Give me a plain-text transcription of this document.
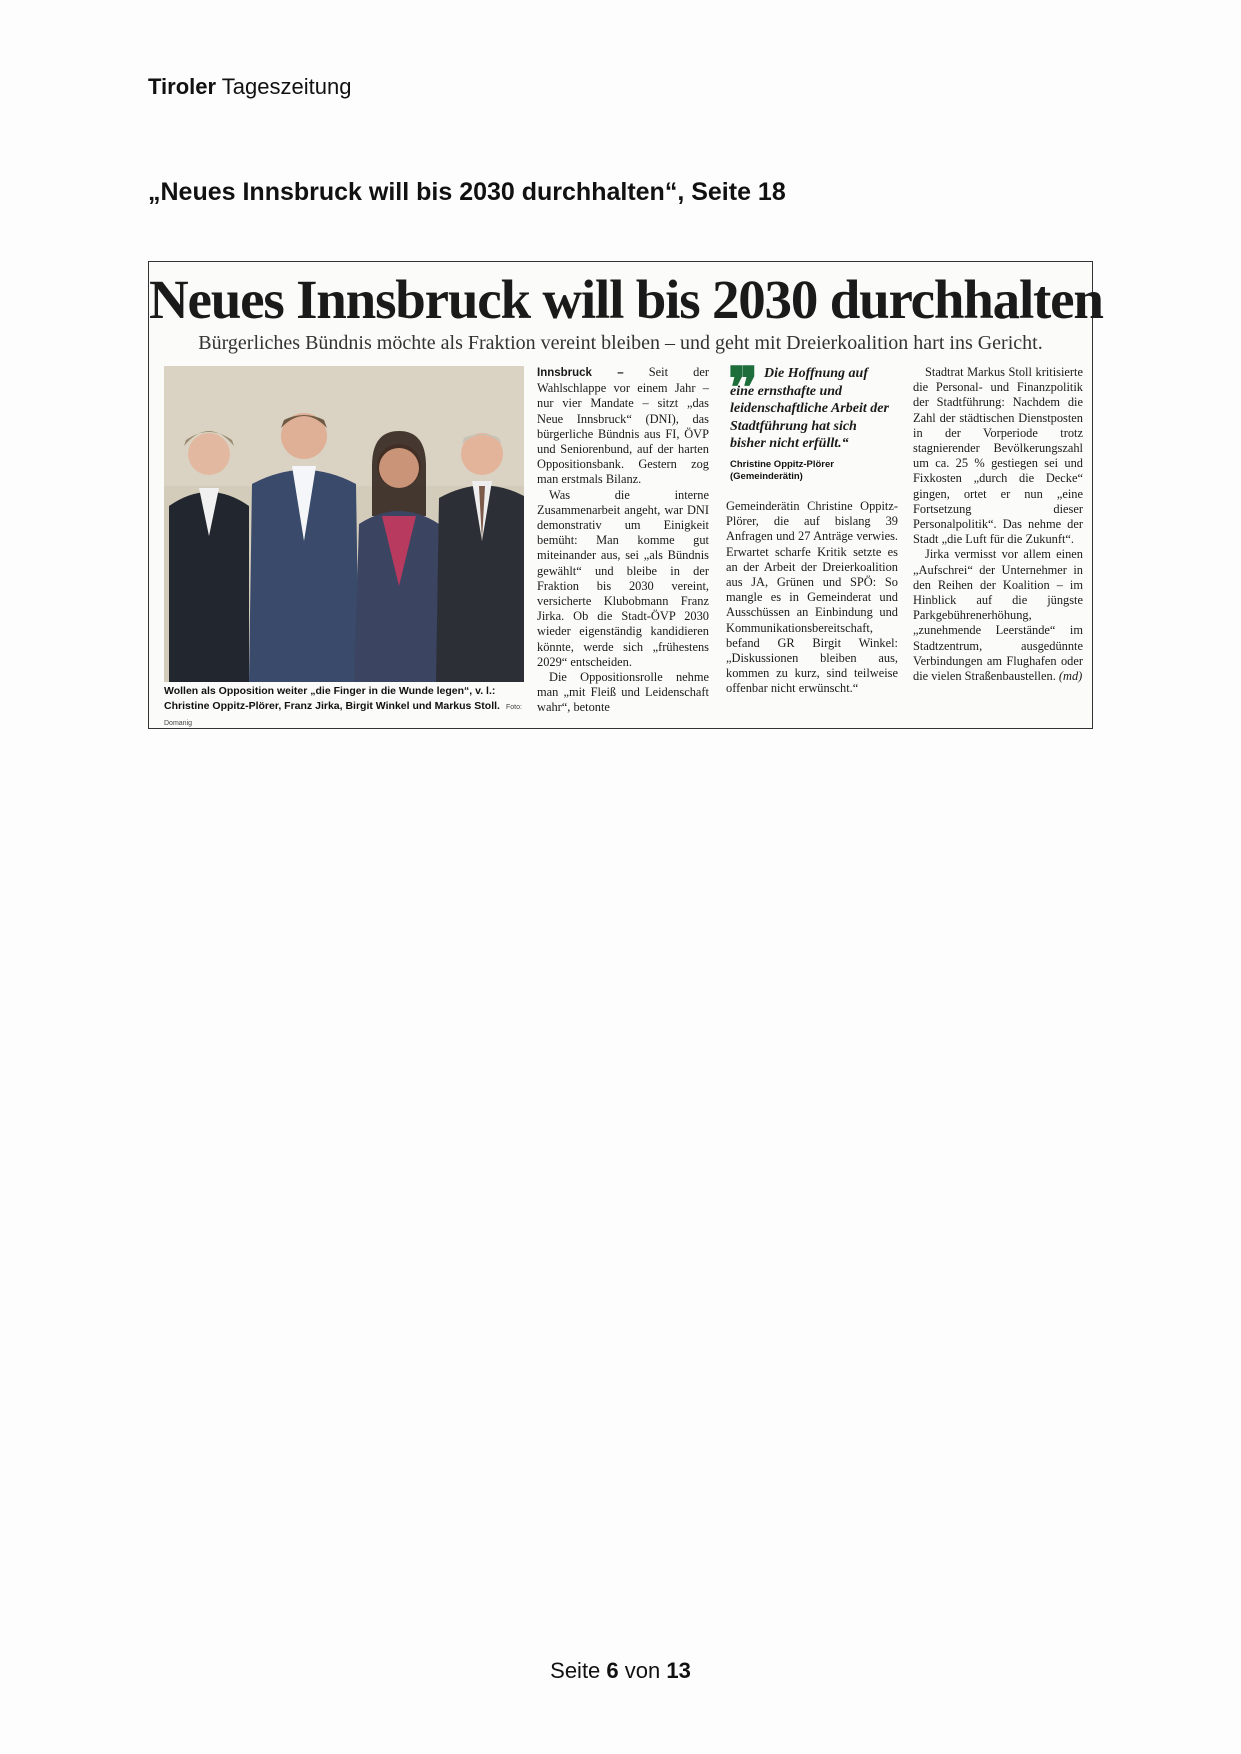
Tiroler Tageszeitung
„Neues Innsbruck will bis 2030 durchhalten“, Seite 18
Neues Innsbruck will bis 2030 durchhalten
Bürgerliches Bündnis möchte als Fraktion vereint bleiben – und geht mit Dreierkoalition hart ins Gericht.
Wollen als Opposition weiter „die Finger in die Wunde legen“, v. l.: Christine Oppitz-Plörer, Franz Jirka, Birgit Winkel und Markus Stoll. Foto: Domanig

Innsbruck – Seit der Wahlschlappe vor einem Jahr – nur vier Mandate – sitzt „das Neue Innsbruck“ (DNI), das bürgerliche Bündnis aus FI, ÖVP und Seniorenbund, auf der harten Oppositionsbank. Gestern zog man erstmals Bilanz.

Was die interne Zusammenarbeit angeht, war DNI demonstrativ um Einigkeit bemüht: Man komme gut miteinander aus, sei „als Bündnis gewählt“ und bleibe in der Fraktion bis 2030 vereint, versicherte Klubobmann Franz Jirka. Ob die Stadt-ÖVP 2030 wieder eigenständig kandidieren könnte, werde sich „frühestens 2029“ entscheiden.

Die Oppositionsrolle nehme man „mit Fleiß und Leidenschaft wahr“, betonte

❞ Die Hoffnung auf eine ernsthafte und leidenschaftliche Arbeit der Stadtführung hat sich bisher nicht erfüllt.“
Christine Oppitz-Plörer
(Gemeinderätin)

Gemeinderätin Christine Oppitz-Plörer, die auf bislang 39 Anfragen und 27 Anträge verwies. Erwartet scharfe Kritik setzte es an der Arbeit der Dreierkoalition aus JA, Grünen und SPÖ: So mangle es in Gemeinderat und Ausschüssen an Einbindung und Kommunikationsbereitschaft, befand GR Birgit Winkel: „Diskussionen bleiben aus, kommen zu kurz, sind teilweise offenbar nicht erwünscht.“

Stadtrat Markus Stoll kritisierte die Personal- und Finanzpolitik der Stadtführung: Nachdem die Zahl der städtischen Dienstposten in der Vorperiode trotz stagnierender Bevölkerungszahl um ca. 25 % gestiegen sei und Fixkosten „durch die Decke“ gingen, ortet er nun „eine Fortsetzung dieser Personalpolitik“. Das nehme der Stadt „die Luft für die Zukunft“.

Jirka vermisst vor allem einen „Aufschrei“ der Unternehmer in den Reihen der Koalition – im Hinblick auf die jüngste Parkgebührenerhöhung, „zunehmende Leerstände“ im Stadtzentrum, ausgedünnte Verbindungen am Flughafen oder die vielen Straßenbaustellen. (md)

Seite 6 von 13
